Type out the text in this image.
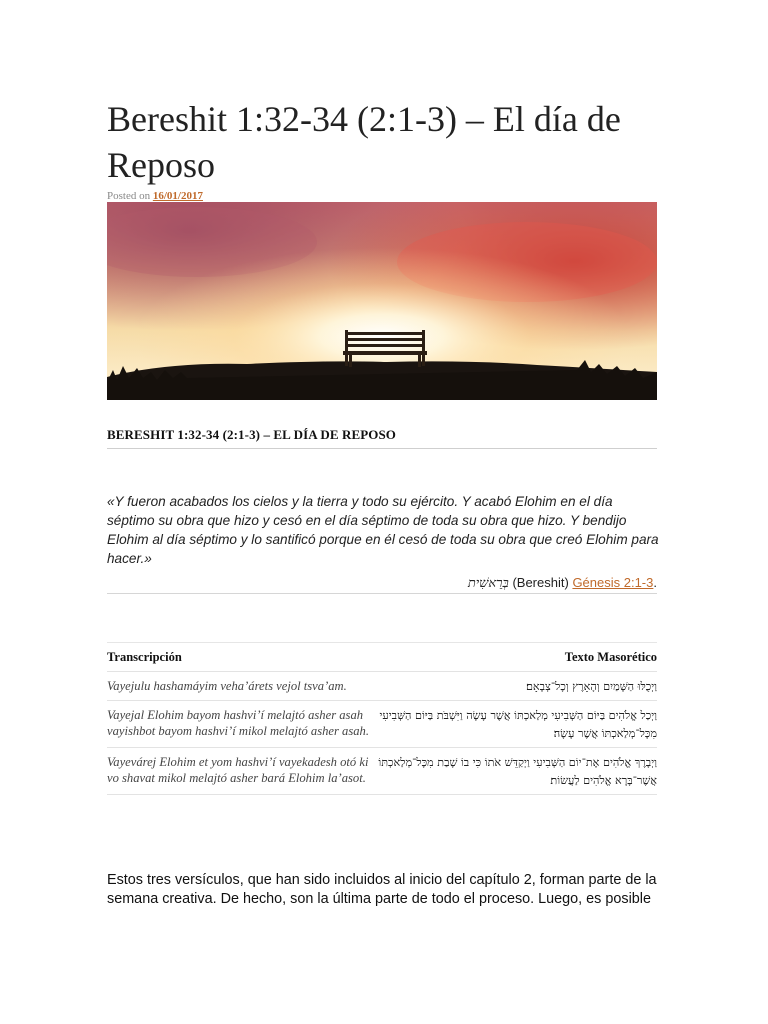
Bereshit 1:32-34 (2:1-3) – El día de Reposo
Posted on 16/01/2017
BERESHIT 1:32-34 (2:1-3) – EL DÍA DE REPOSO
«Y fueron acabados los cielos y la tierra y todo su ejército. Y acabó Elohim en el día séptimo su obra que hizo y cesó en el día séptimo de toda su obra que hizo. Y bendijo Elohim al día séptimo y lo santificó porque en él cesó de toda su obra que creó Elohim para hacer.»
בְּרֵאשִׁית (Bereshit) Génesis 2:1-3.
Transcripción	Texto Masorético
Vayejulu hashamáyim veha’árets vejol tsva’am.	וַיְכֻלּוּ הַשָּׁמַיִם וְהָאָרֶץ וְכָל־צְבָאָם׃
Vayejal Elohim bayom hashvi’í melajtó asher asah vayishbot bayom hashvi’í mikol melajtó asher asah.	וַיְכַל אֱלֹהִים בַּיּוֹם הַשְּׁבִיעִי מְלַאכְתּוֹ אֲשֶׁר עָשָׂה וַיִּשְׁבֹּת בַּיּוֹם הַשְּׁבִיעִי מִכָּל־מְלַאכְתּוֹ אֲשֶׁר עָשָׂה׃
Vayevárej Elohim et yom hashvi’í vayekadesh otó ki vo shavat mikol melajtó asher bará Elohim la’asot.	וַיְבָרֶךְ אֱלֹהִים אֶת־יוֹם הַשְּׁבִיעִי וַיְקַדֵּשׁ אֹתוֹ כִּי בוֹ שָׁבַת מִכָּל־מְלַאכְתּוֹ אֲשֶׁר־בָּרָא אֱלֹהִים לַעֲשׂוֹת׃
Estos tres versículos, que han sido incluidos al inicio del capítulo 2, forman parte de la semana creativa. De hecho, son la última parte de todo el proceso. Luego, es posible
